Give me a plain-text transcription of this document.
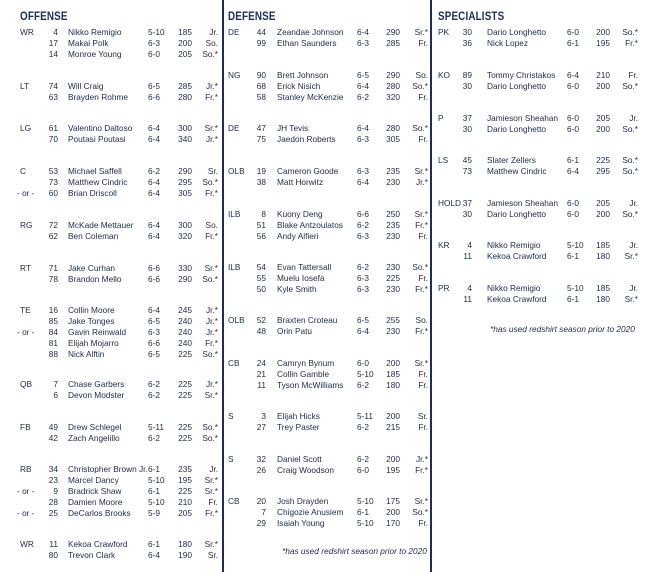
OFFENSE
WR	4 Nikko Remigio	5-10	185	Jr.
17 Makai Polk	6-3	200	So.
14 Monroe Young	6-0	205	So.*
LT	74 Will Craig	6-5	285	Jr.*
63 Brayden Rohme 6-6	280	Fr.*
LG	61 Valentino Daltoso 6-4	300	Sr.*
70 Poutasi Poutasi	6-4	340	Jr.*
C	53 Michael Saffell	6-2	290	Sr.
73 Matthew Cindric 6-4	295	So.*
- or -	60 Brian Driscoll	6-4	305	Fr.*
RG	72 McKade Mettauer 6-4	300	So.
62 Ben Coleman	6-4	320	Fr.*
RT	71 Jake Curhan	6-6	330	Sr.*
78 Brandon Mello	6-6	290	So.*
TE	16 Collin Moore	6-4	245	Jr.*
85 Jake Tonges	6-5	240	Jr.*
- or -	84 Gavin Reinwald	6-3	240	Jr.*
81 Elijah Mojarro	6-6	240	Fr.*
88 Nick Alftin	6-5	225	So.*
QB	7 Chase Garbers	6-2	225	Jr.*
6 Devon Modster	6-2	225	Sr.*
FB	49 Drew Schlegel	5-11	225	So.*
42 Zach Angelillo	6-2	225	So.*
RB	34 Christopher Brown Jr. 6-1	235	Jr.
23 Marcel Dancy	5-10	195	Sr.*
- or -	9 Bradrick Shaw	6-1	225	Sr.*
28 Damien Moore	5-10	210	Fr.
- or -	25 DeCarlos Brooks 5-9	205	Fr.*
WR	11 Kekoa Crawford 6-1	180	Sr.*
80 Trevon Clark	6-4	190	Sr.
DEFENSE
*has used redshirt season prior to 2020
DE	44 Zeandae Johnson 6-4	290	Sr.*
99 Ethan Saunders 6-3	285	Fr.
NG	90 Brett Johnson	6-5	290	So.
68 Erick Nisich	6-4	280	So.*
58 Stanley McKenzie 6-2	320	Fr.
DE	47 JH Tevis	6-4	280	So.*
75 Jaedon Roberts	6-3	305	Fr.
OLB	19 Cameron Goode 6-3	235	Sr.*
38 Matt Horwitz	6-4	230	Jr.*
ILB	8 Kuony Deng	6-6	250	Sr.*
51 Blake Antzoulatos 6-2	235	Fr.*
56 Andy Alfieri	6-3	230	Fr.
ILB	54 Evan Tattersall	6-2	230	So.*
55 Muelu Iosefa	6-3	225	Fr.
50 Kyle Smith	6-3	230	Fr.*
OLB	52 Braxten Croteau 6-5	255	So.
48 Orin Patu	6-4	230	Fr.*
CB	24 Camryn Bynum	6-0	200	Sr.*
21 Collin Gamble	5-10	185	Fr.
11 Tyson McWilliams 6-2	180	Fr.
S	3 Elijah Hicks	5-11	200	Sr.
27 Trey Paster	6-2	215	Fr.
S	32 Daniel Scott	6-2	200	Jr.*
26 Craig Woodson	6-0	195	Fr.*
CB	20 Josh Drayden	5-10	175	Sr.*
7 Chigozie Anusiem 6-1	200	So.*
29 Isaiah Young	5-10	170	Fr.
SPECIALISTS
*has used redshirt season prior to 2020
PK	30 Dario Longhetto	6-0	200	So.*
36 Nick Lopez	6-1	195	Fr.*
KO	89 Tommy Christakos 6-4	210	Fr.
30 Dario Longhetto	6-0	200	So.*
P	37 Jamieson Sheahan 6-0	205	Jr.
30 Dario Longhetto	6-0	200	So.*
LS	45 Slater Zellers	6-1	225	So.*
73 Matthew Cindric 6-4	295	So.*
HOLD 37 Jamieson Sheahan 6-0	205	Jr.
30 Dario Longhetto	6-0	200	So.*
KR	4 Nikko Remigio	5-10	185	Jr.
11 Kekoa Crawford 6-1	180	Sr.*
PR	4 Nikko Remigio	5-10	185	Jr.
11 Kekoa Crawford 6-1	180	Sr.*
